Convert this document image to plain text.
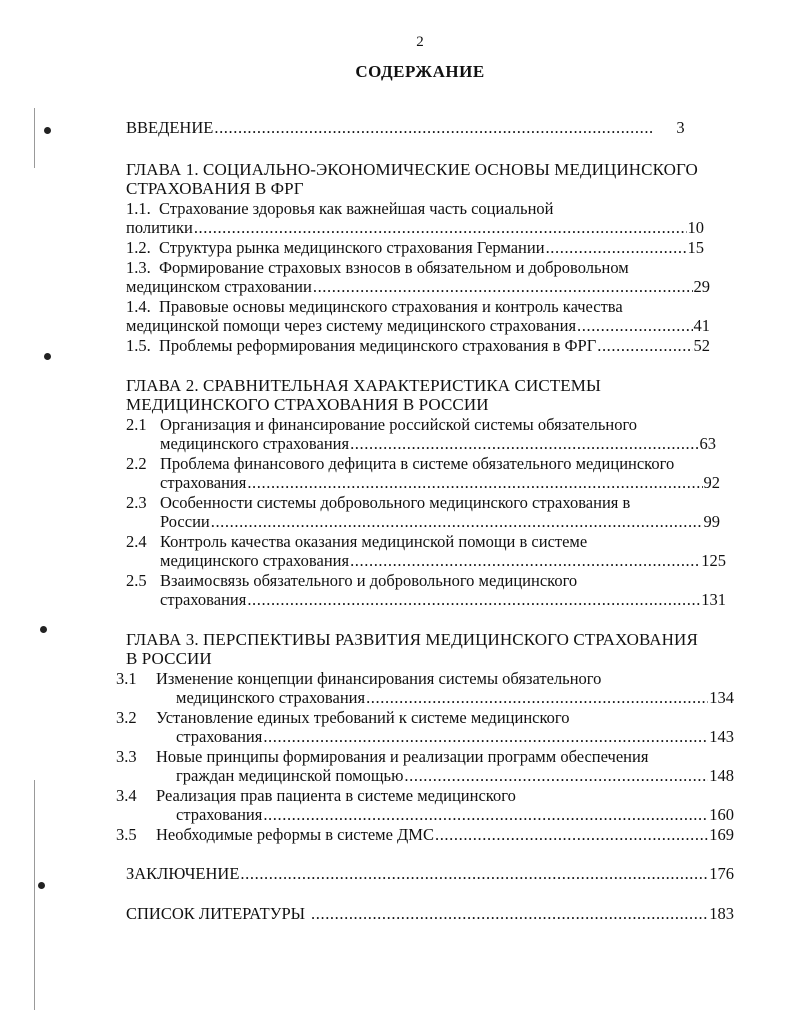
2
СОДЕРЖАНИЕ
ВВЕДЕНИЕ .....	3
ГЛАВА 1. СОЦИАЛЬНО-ЭКОНОМИЧЕСКИЕ ОСНОВЫ МЕДИЦИНСКОГО
СТРАХОВАНИЯ В ФРГ
1.1. Страхование здоровья как важнейшая часть социальной
политики .....	10
1.2. Структура рынка медицинского страхования Германии .....	15
1.3. Формирование страховых взносов в обязательном и добровольном
медицинском страховании .....	29
1.4. Правовые основы медицинского страхования и контроль качества
медицинской помощи через систему медицинского страхования .....	41
1.5. Проблемы реформирования медицинского страхования в ФРГ .....	52
ГЛАВА 2. СРАВНИТЕЛЬНАЯ ХАРАКТЕРИСТИКА СИСТЕМЫ
МЕДИЦИНСКОГО СТРАХОВАНИЯ В РОССИИ
2.1 Организация и финансирование российской системы обязательного
медицинского страхования .....	63
2.2 Проблема финансового дефицита в системе обязательного медицинского
страхования .....	92
2.3 Особенности системы добровольного медицинского страхования в
России .....	99
2.4 Контроль качества оказания медицинской помощи в системе
медицинского страхования .....	125
2.5 Взаимосвязь обязательного и добровольного медицинского
страхования .....	131
ГЛАВА 3. ПЕРСПЕКТИВЫ РАЗВИТИЯ МЕДИЦИНСКОГО СТРАХОВАНИЯ
В РОССИИ
3.1 Изменение концепции финансирования системы обязательного
медицинского страхования .....	134
3.2 Установление единых требований к системе медицинского
страхования .....	143
3.3 Новые принципы формирования и реализации программ обеспечения
граждан медицинской помощью .....	148
3.4 Реализация прав пациента в системе медицинского
страхования .....	160
3.5 Необходимые реформы в системе ДМС .....	169
ЗАКЛЮЧЕНИЕ .....	176
СПИСОК ЛИТЕРАТУРЫ .....	183
